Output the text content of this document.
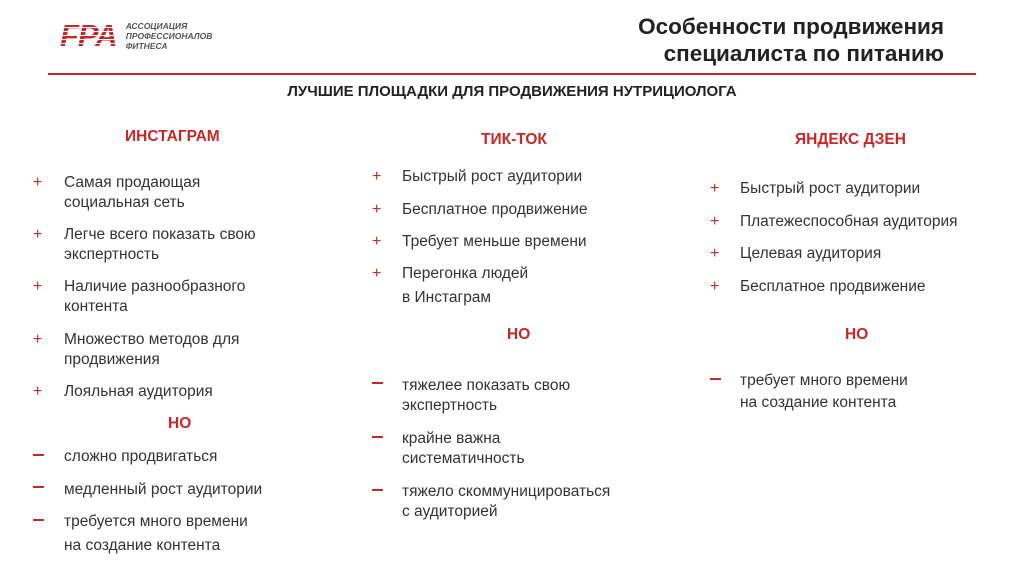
FPA АССОЦИАЦИЯ
ПРОФЕССИОНАЛОВ
ФИТНЕСА
Особенности продвижения
специалиста по питанию
ЛУЧШИЕ ПЛОЩАДКИ ДЛЯ ПРОДВИЖЕНИЯ НУТРИЦИОЛОГА
ИНСТАГРАМ
+ Самая продающая
социальная сеть
+ Легче всего показать свою
экспертность
+ Наличие разнообразного
контента
+ Множество методов для
продвижения
+ Лояльная аудитория
НО
сложно продвигаться
медленный рост аудитории
требуется много времени
на создание контента
ТИК-ТОК
+ Быстрый рост аудитории
+ Бесплатное продвижение
+ Требует меньше времени
+ Перегонка людей
в Инстаграм
НО
тяжелее показать свою
экспертность
крайне важна
систематичность
тяжело скоммуницироваться
с аудиторией
ЯНДЕКС ДЗЕН
+ Быстрый рост аудитории
+ Платежеспособная аудитория
+ Целевая аудитория
+ Бесплатное продвижение
НО
требует много времени
на создание контента
